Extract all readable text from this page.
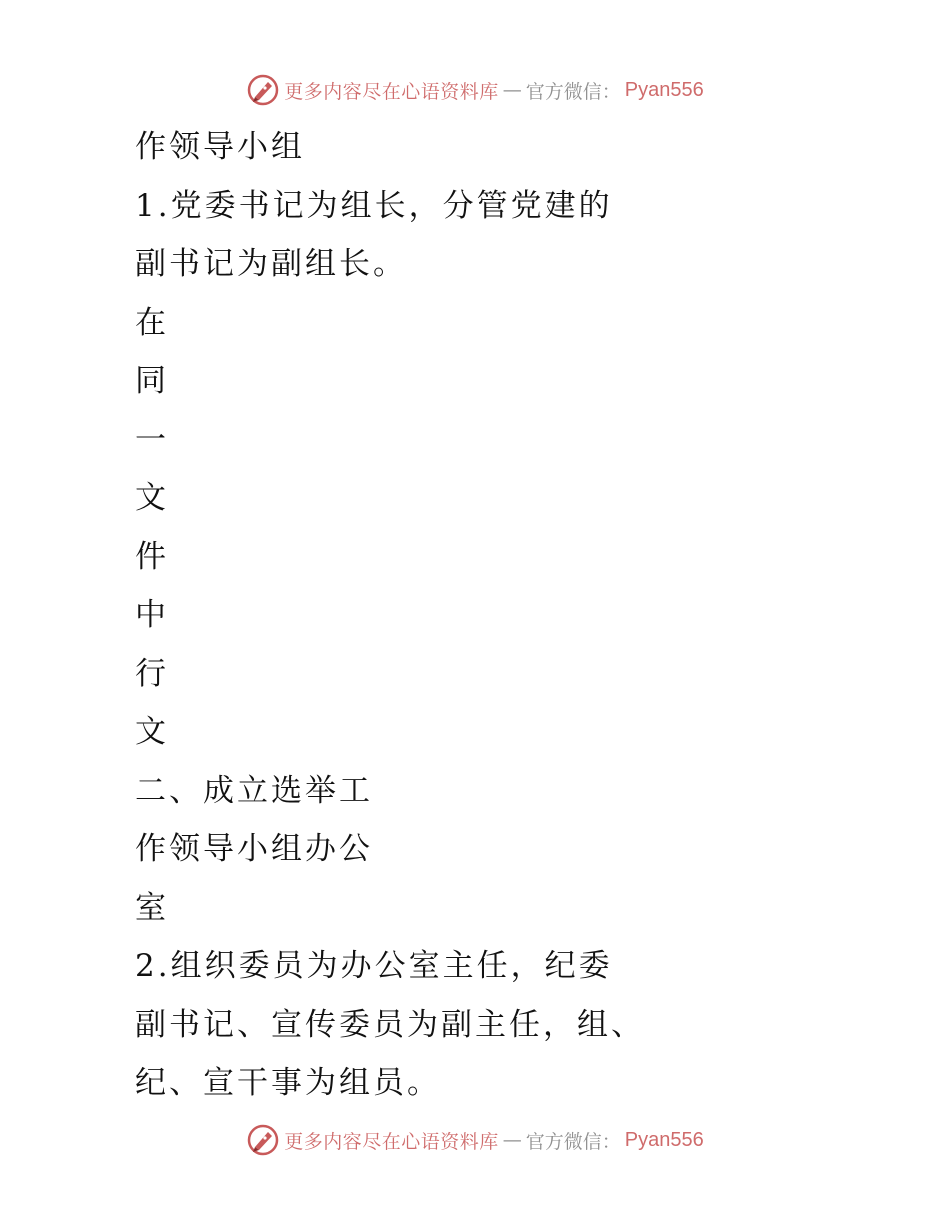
更多内容尽在心语资料库 — 官方微信： Pyan556
作领导小组
1.党委书记为组长，分管党建的
副书记为副组长。
在
同
一
文
件
中
行
文
二、成立选举工
作领导小组办公
室
2.组织委员为办公室主任，纪委
副书记、宣传委员为副主任，组、
纪、宣干事为组员。
更多内容尽在心语资料库 — 官方微信： Pyan556
